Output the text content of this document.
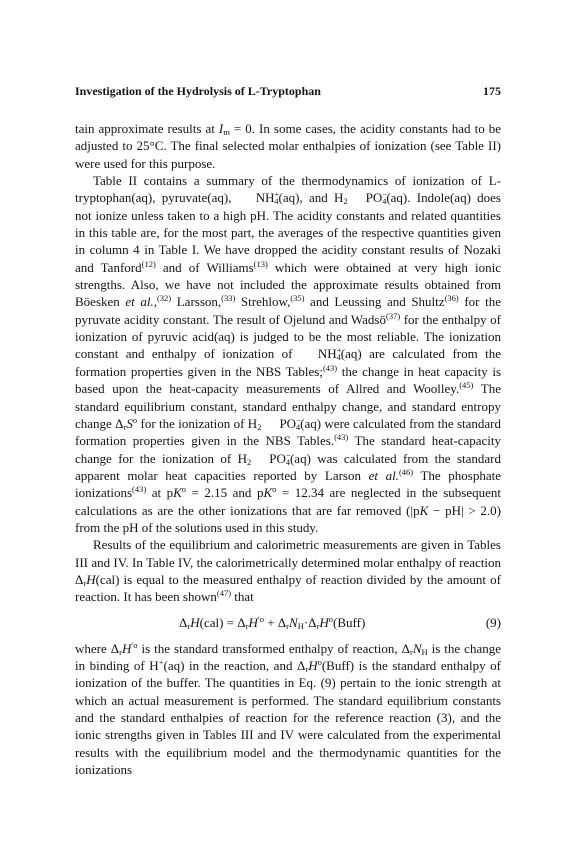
Investigation of the Hydrolysis of L-Tryptophan	175

tain approximate results at $I_m = 0$. In some cases, the acidity constants had to be adjusted to 25°C. The final selected molar enthalpies of ionization (see Table II) were used for this purpose.

Table II contains a summary of the thermodynamics of ionization of L-tryptophan(aq), pyruvate(aq), $NH^+_4(aq)$, and $H_2$ $PO^-_4(aq)$. Indole(aq) does not ionize unless taken to a high pH. The acidity constants and related quantities in this table are, for the most part, the averages of the respective quantities given in column 4 in Table I. We have dropped the acidity constant results of Nozaki and Tanford$^{(12)}$ and of Williams$^{(13)}$ which were obtained at very high ionic strengths. Also, we have not included the approximate results obtained from Böesken et al.,$^{(32)}$ Larsson,$^{(33)}$ Strehlow,$^{(35)}$ and Leussing and Shultz$^{(36)}$ for the pyruvate acidity constant. The result of Ojelund and Wadsö$^{(37)}$ for the enthalpy of ionization of pyruvic acid(aq) is judged to be the most reliable. The ionization constant and enthalpy of ionization of $NH^+_4(aq)$ are calculated from the formation properties given in the NBS Tables;$^{(43)}$ the change in heat capacity is based upon the heat-capacity measurements of Allred and Woolley.$^{(45)}$ The standard equilibrium constant, standard enthalpy change, and standard entropy change $\Delta_rS^o$ for the ionization of $H_2$ $PO^-_4(aq)$ were calculated from the standard formation properties given in the NBS Tables.$^{(43)}$ The standard heat-capacity change for the ionization of $H_2$ $PO^-_4(aq)$ was calculated from the standard apparent molar heat capacities reported by Larson et al.$^{(46)}$ The phosphate ionizations$^{(43)}$ at $pK^o = 2.15$ and $pK^o = 12.34$ are neglected in the subsequent calculations as are the other ionizations that are far removed (|pK − pH| > 2.0) from the pH of the solutions used in this study.

Results of the equilibrium and calorimetric measurements are given in Tables III and IV. In Table IV, the calorimetrically determined molar enthalpy of reaction $\Delta_rH(cal)$ is equal to the measured enthalpy of reaction divided by the amount of reaction. It has been shown$^{(47)}$ that

$\Delta_rH(cal) = \Delta_rH^{'o}$ + $\Delta_rN_H\cdot\Delta_rH^o(Buff)$	(9)

where $\Delta_rH^{'o}$ is the standard transformed enthalpy of reaction, $\Delta_rN_H$ is the change in binding of H+(aq) in the reaction, and $\Delta_rH^o(Buff)$ is the standard enthalpy of ionization of the buffer. The quantities in Eq. (9) pertain to the ionic strength at which an actual measurement is performed. The standard equilibrium constants and the standard enthalpies of reaction for the reference reaction (3), and the ionic strengths given in Tables III and IV were calculated from the experimental results with the equilibrium model and the thermodynamic quantities for the ionizations
